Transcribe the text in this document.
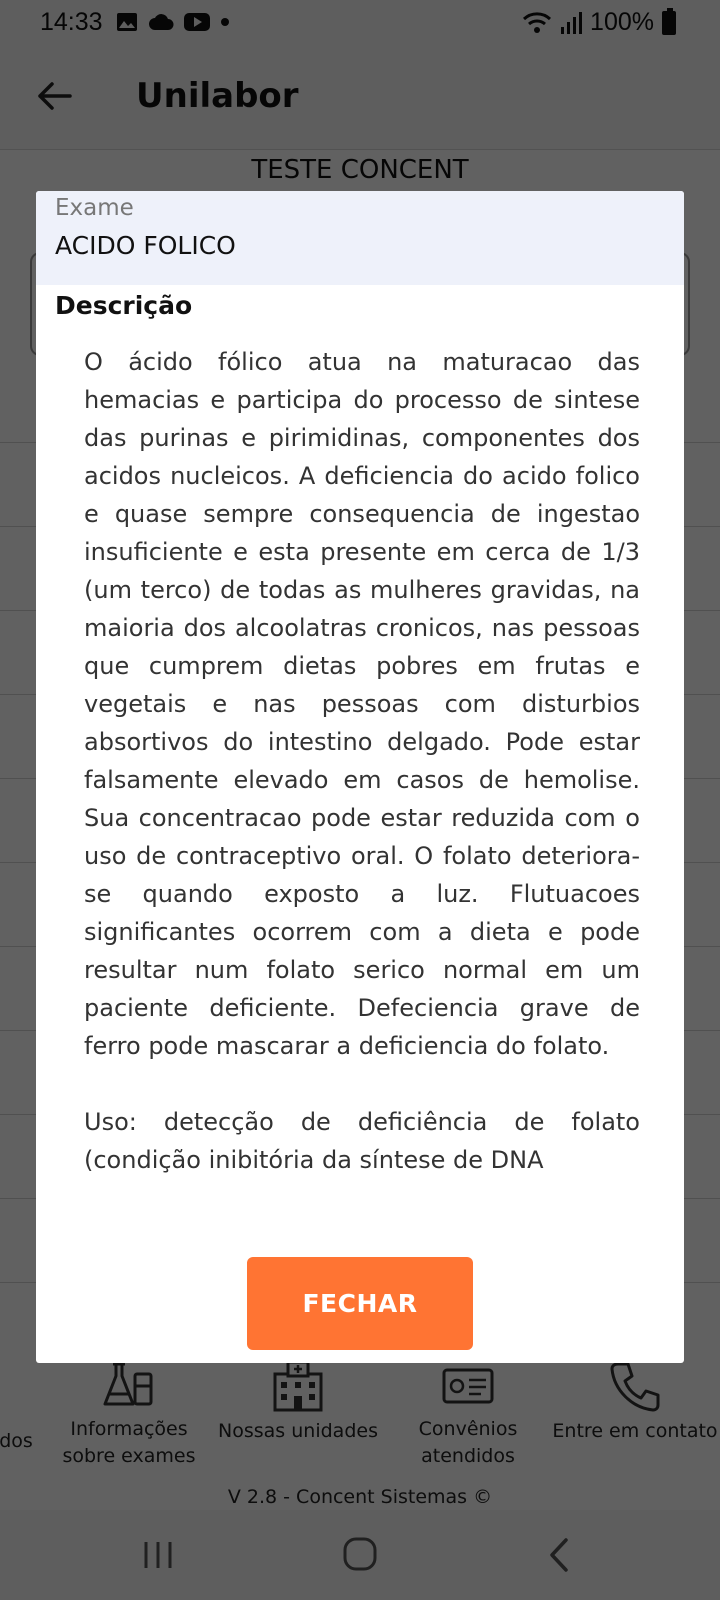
Exame
ACIDO FOLICO
Descrição

O ácido fólico atua na maturacao das hemacias e participa do processo de sintese das purinas e pirimidinas, componentes dos acidos nucleicos. A deficiencia do acido folico e quase sempre consequencia de ingestao insuficiente e esta presente em cerca de 1/3 (um terco) de todas as mulheres gravidas, na maioria dos alcoolatras cronicos, nas pessoas que cumprem dietas pobres em frutas e vegetais e nas pessoas com disturbios absortivos do intestino delgado. Pode estar falsamente elevado em casos de hemolise. Sua concentracao pode estar reduzida com o uso de contraceptivo oral. O folato deteriora-se quando exposto a luz. Flutuacoes significantes ocorrem com a dieta e pode resultar num folato serico normal em um paciente deficiente. Defeciencia grave de ferro pode mascarar a deficiencia do folato.

Uso: detecção de deficiência de folato (condição inibitória da síntese de DNA

FECHAR
